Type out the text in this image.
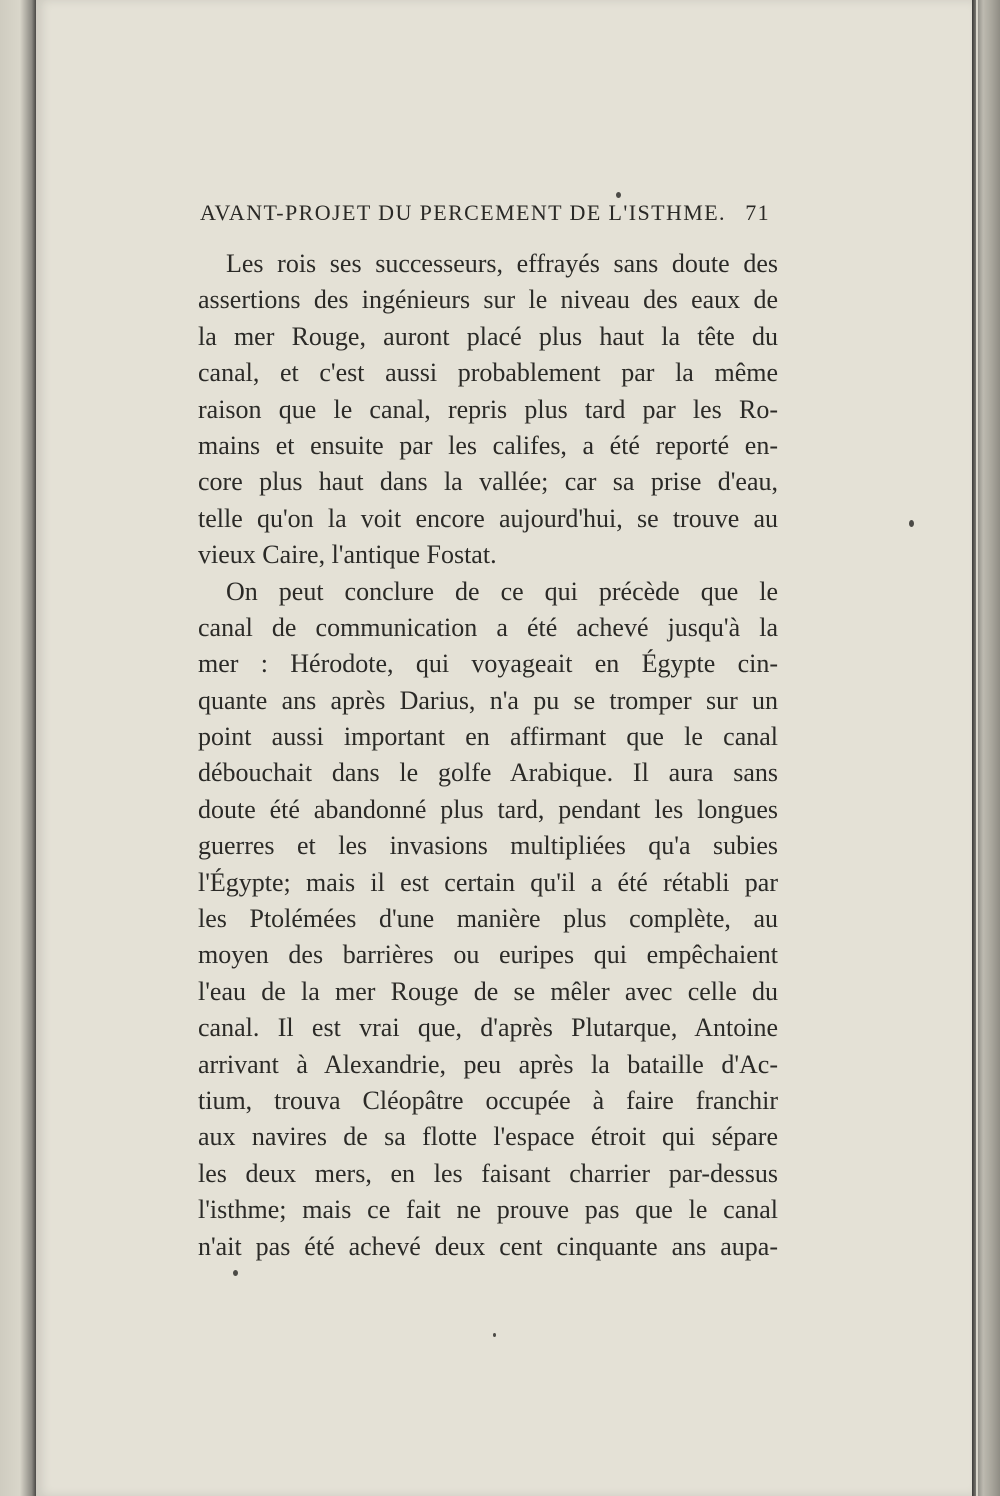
AVANT-PROJET DU PERCEMENT DE L'ISTHME. 71
Les rois ses successeurs, effrayés sans doute des
assertions des ingénieurs sur le niveau des eaux de
la mer Rouge, auront placé plus haut la tête du
canal, et c'est aussi probablement par la même
raison que le canal, repris plus tard par les Ro-
mains et ensuite par les califes, a été reporté en-
core plus haut dans la vallée; car sa prise d'eau,
telle qu'on la voit encore aujourd'hui, se trouve au
vieux Caire, l'antique Fostat.
On peut conclure de ce qui précède que le
canal de communication a été achevé jusqu'à la
mer : Hérodote, qui voyageait en Égypte cin-
quante ans après Darius, n'a pu se tromper sur un
point aussi important en affirmant que le canal
débouchait dans le golfe Arabique. Il aura sans
doute été abandonné plus tard, pendant les longues
guerres et les invasions multipliées qu'a subies
l'Égypte; mais il est certain qu'il a été rétabli par
les Ptolémées d'une manière plus complète, au
moyen des barrières ou euripes qui empêchaient
l'eau de la mer Rouge de se mêler avec celle du
canal. Il est vrai que, d'après Plutarque, Antoine
arrivant à Alexandrie, peu après la bataille d'Ac-
tium, trouva Cléopâtre occupée à faire franchir
aux navires de sa flotte l'espace étroit qui sépare
les deux mers, en les faisant charrier par-dessus
l'isthme; mais ce fait ne prouve pas que le canal
n'ait pas été achevé deux cent cinquante ans aupa-
